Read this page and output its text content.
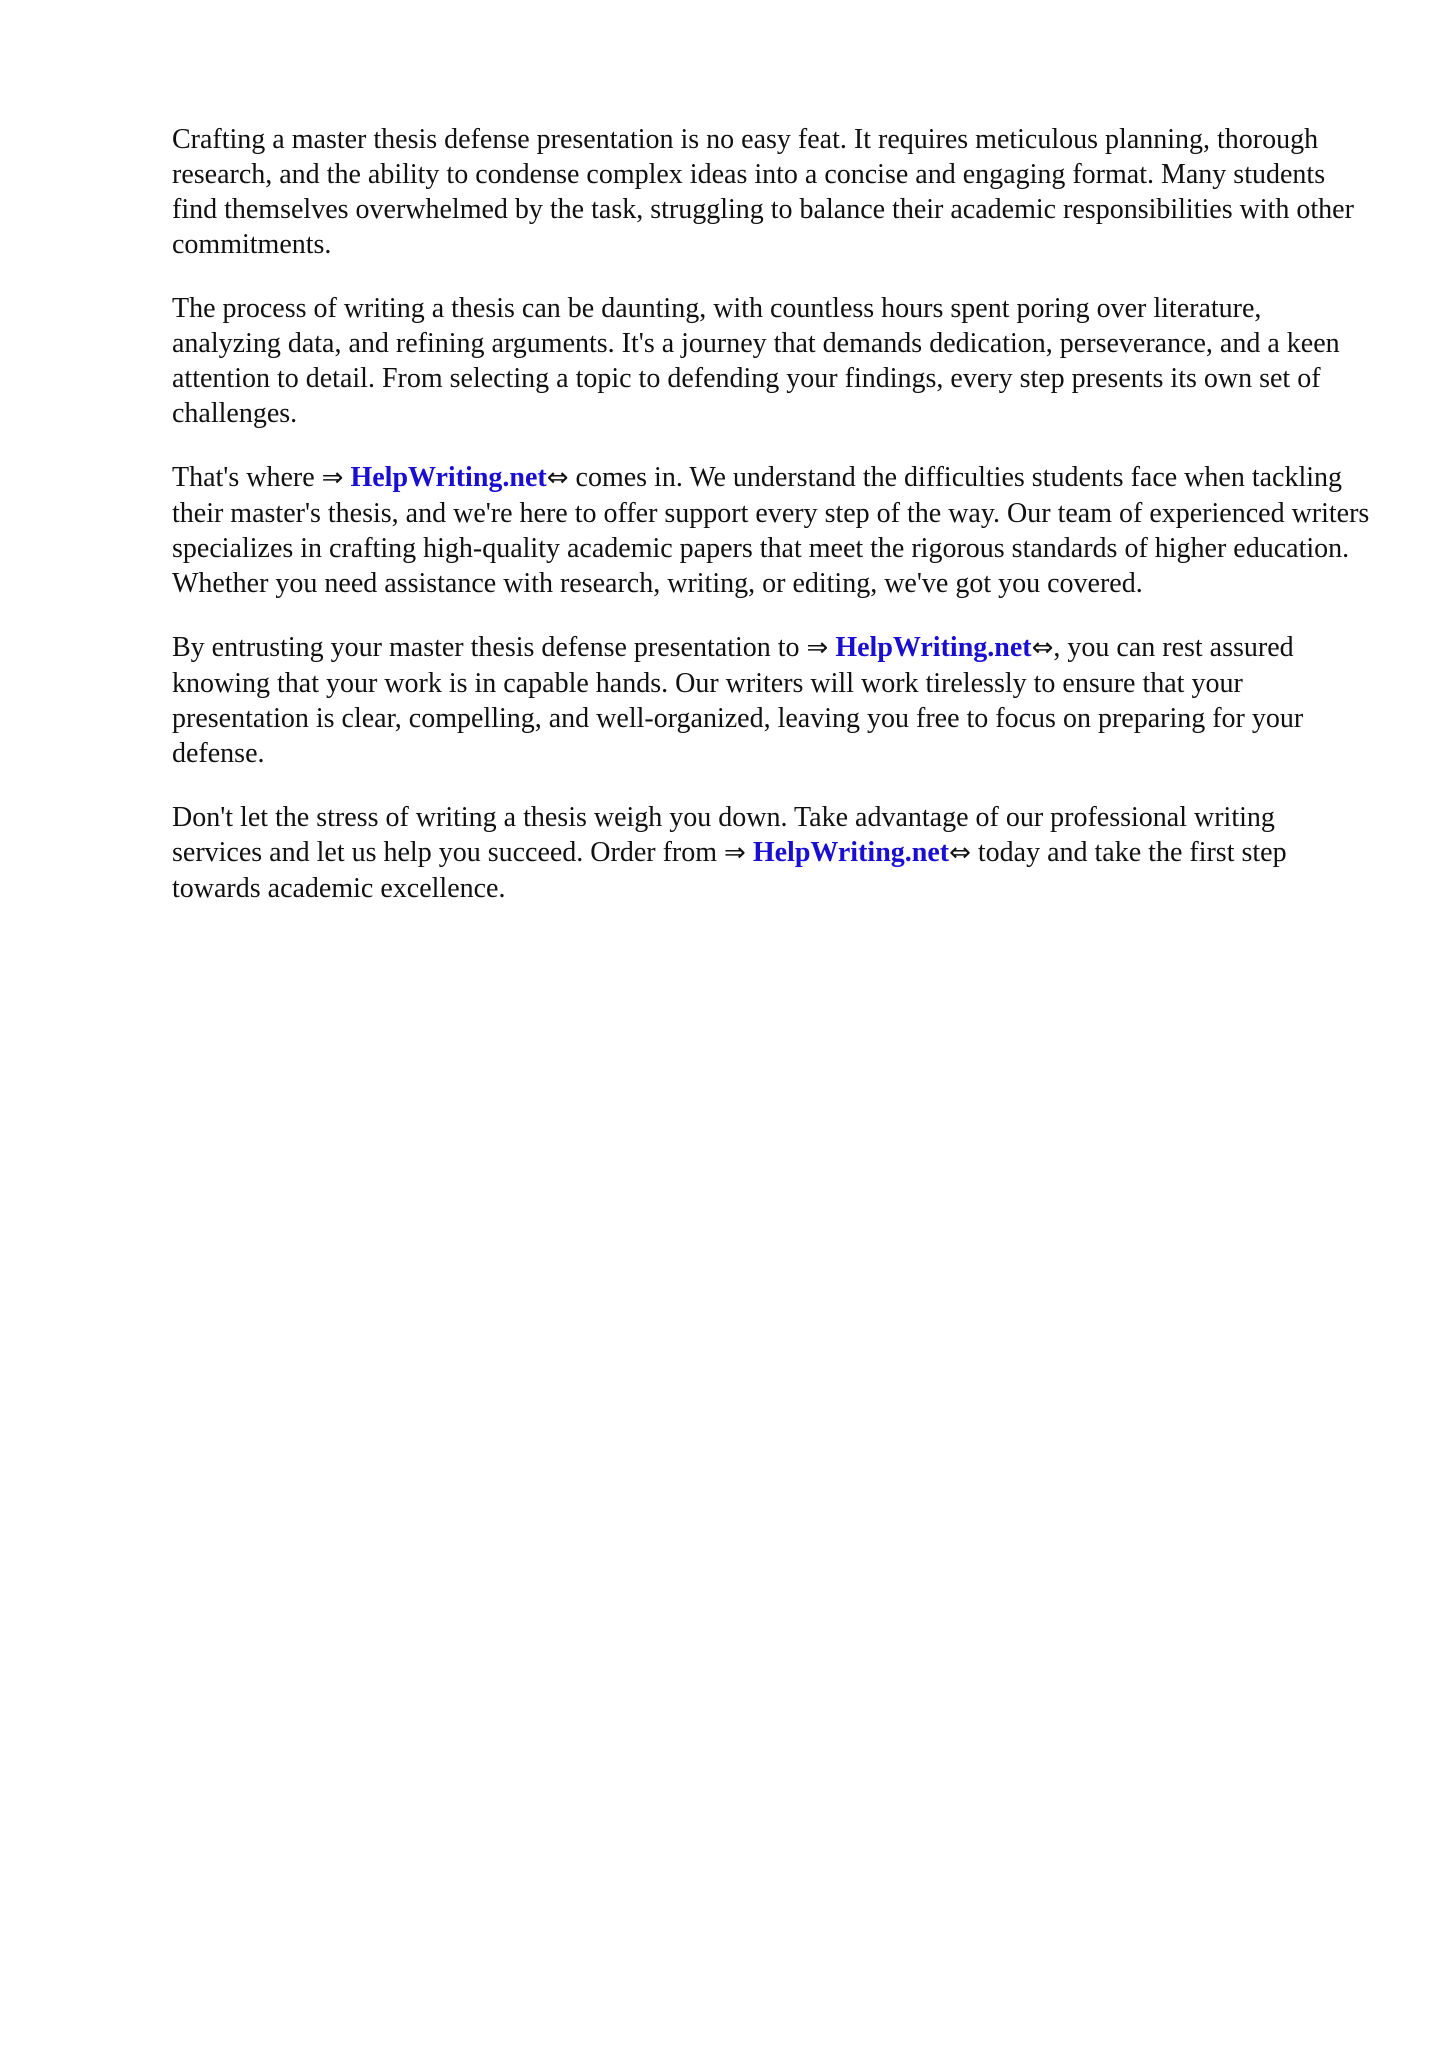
Crafting a master thesis defense presentation is no easy feat. It requires meticulous planning, thorough research, and the ability to condense complex ideas into a concise and engaging format. Many students find themselves overwhelmed by the task, struggling to balance their academic responsibilities with other commitments.

The process of writing a thesis can be daunting, with countless hours spent poring over literature, analyzing data, and refining arguments. It's a journey that demands dedication, perseverance, and a keen attention to detail. From selecting a topic to defending your findings, every step presents its own set of challenges.

That's where ⇒ HelpWriting.net⇔ comes in. We understand the difficulties students face when tackling their master's thesis, and we're here to offer support every step of the way. Our team of experienced writers specializes in crafting high-quality academic papers that meet the rigorous standards of higher education. Whether you need assistance with research, writing, or editing, we've got you covered.

By entrusting your master thesis defense presentation to ⇒ HelpWriting.net⇔, you can rest assured knowing that your work is in capable hands. Our writers will work tirelessly to ensure that your presentation is clear, compelling, and well-organized, leaving you free to focus on preparing for your defense.

Don't let the stress of writing a thesis weigh you down. Take advantage of our professional writing services and let us help you succeed. Order from ⇒ HelpWriting.net⇔ today and take the first step towards academic excellence.
